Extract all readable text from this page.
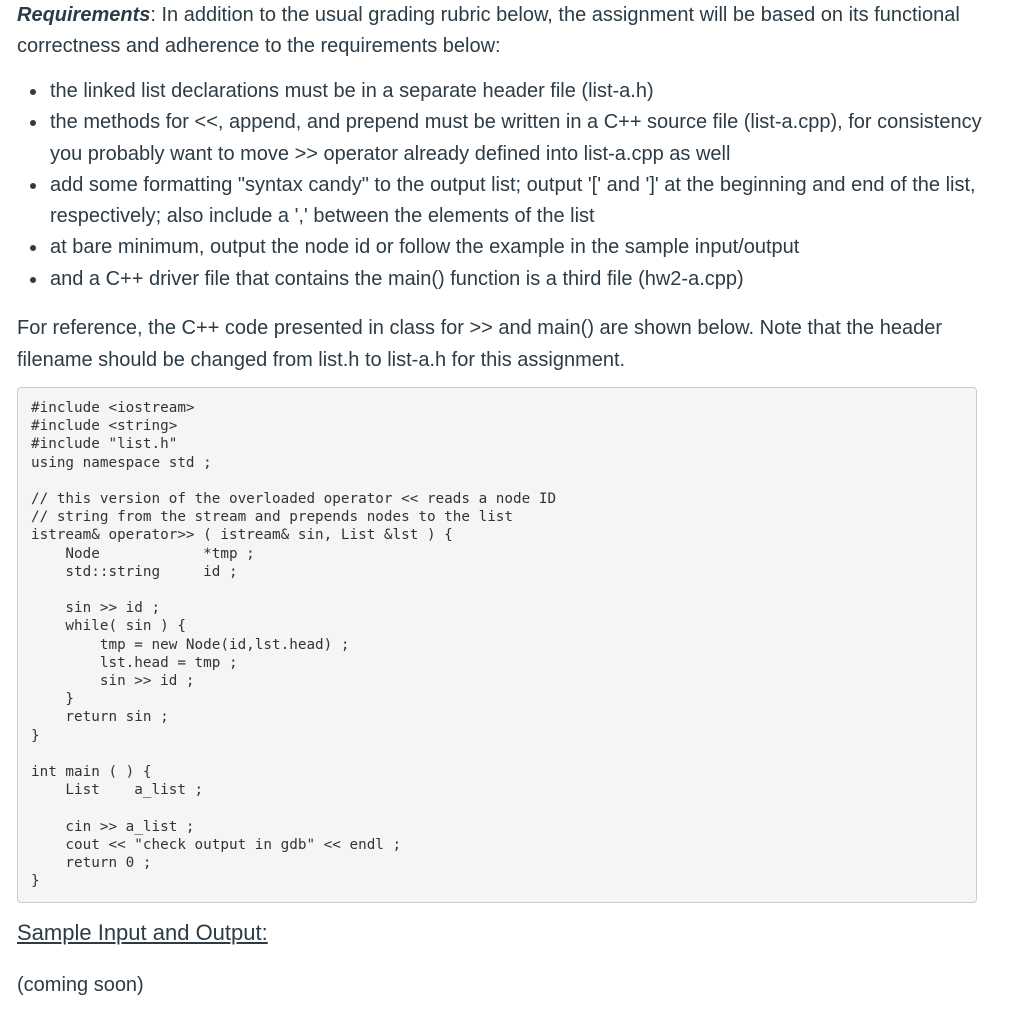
Requirements: In addition to the usual grading rubric below, the assignment will be based on its functional correctness and adherence to the requirements below:

the linked list declarations must be in a separate header file (list-a.h)
the methods for <<, append, and prepend must be written in a C++ source file (list-a.cpp), for consistency you probably want to move >> operator already defined into list-a.cpp as well
add some formatting "syntax candy" to the output list; output '[' and ']' at the beginning and end of the list, respectively; also include a ',' between the elements of the list
at bare minimum, output the node id or follow the example in the sample input/output
and a C++ driver file that contains the main() function is a third file (hw2-a.cpp)

For reference, the C++ code presented in class for >> and main() are shown below. Note that the header filename should be changed from list.h to list-a.h for this assignment.

#include <iostream>
#include <string>
#include "list.h"
using namespace std ;

// this version of the overloaded operator << reads a node ID
// string from the stream and prepends nodes to the list
istream& operator>> ( istream& sin, List &lst ) {
Node            *tmp ;
std::string     id ;

sin >> id ;
while( sin ) {
tmp = new Node(id,lst.head) ;
lst.head = tmp ;
sin >> id ;
}
return sin ;
}

int main ( ) {
List    a_list ;

cin >> a_list ;
cout << "check output in gdb" << endl ;
return 0 ;
}
Sample Input and Output:

(coming soon)
